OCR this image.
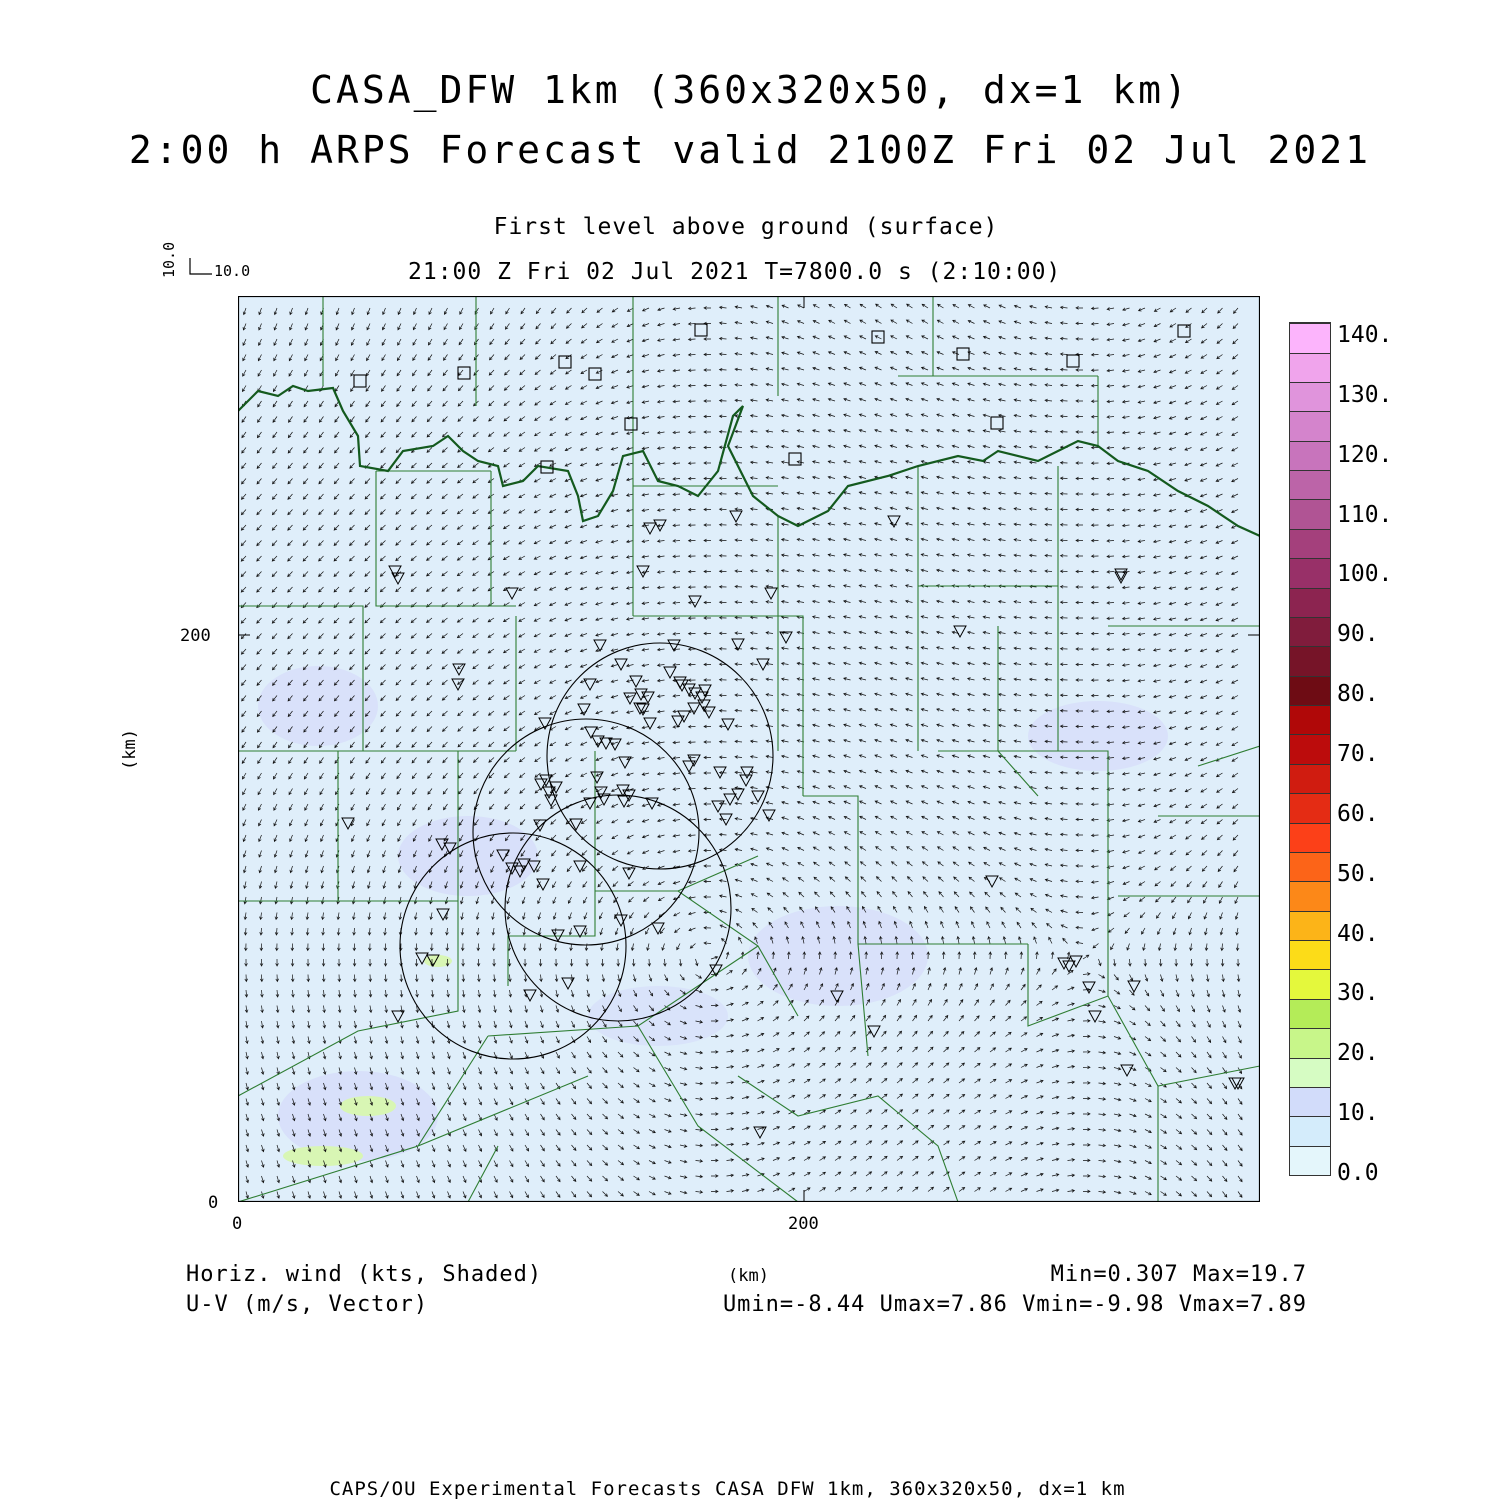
CASA_DFW 1km (360x320x50, dx=1 km)
2:00 h ARPS Forecast valid 2100Z Fri 02 Jul 2021
First level above ground (surface)
21:00 Z Fri 02 Jul 2021 T=7800.0 s (2:10:00)
10.0 10.0
(km)
200
0
0	200
(km)
0.0
10.
20.
30.
40.
50.
60.
70.
80.
90.
100.
110.
120.
130.
140.
Horiz. wind (kts, Shaded)
U-V (m/s, Vector)
Min=0.307 Max=19.7
Umin=-8.44 Umax=7.86 Vmin=-9.98 Vmax=7.89
CAPS/OU Experimental Forecasts CASA DFW 1km, 360x320x50, dx=1 km
